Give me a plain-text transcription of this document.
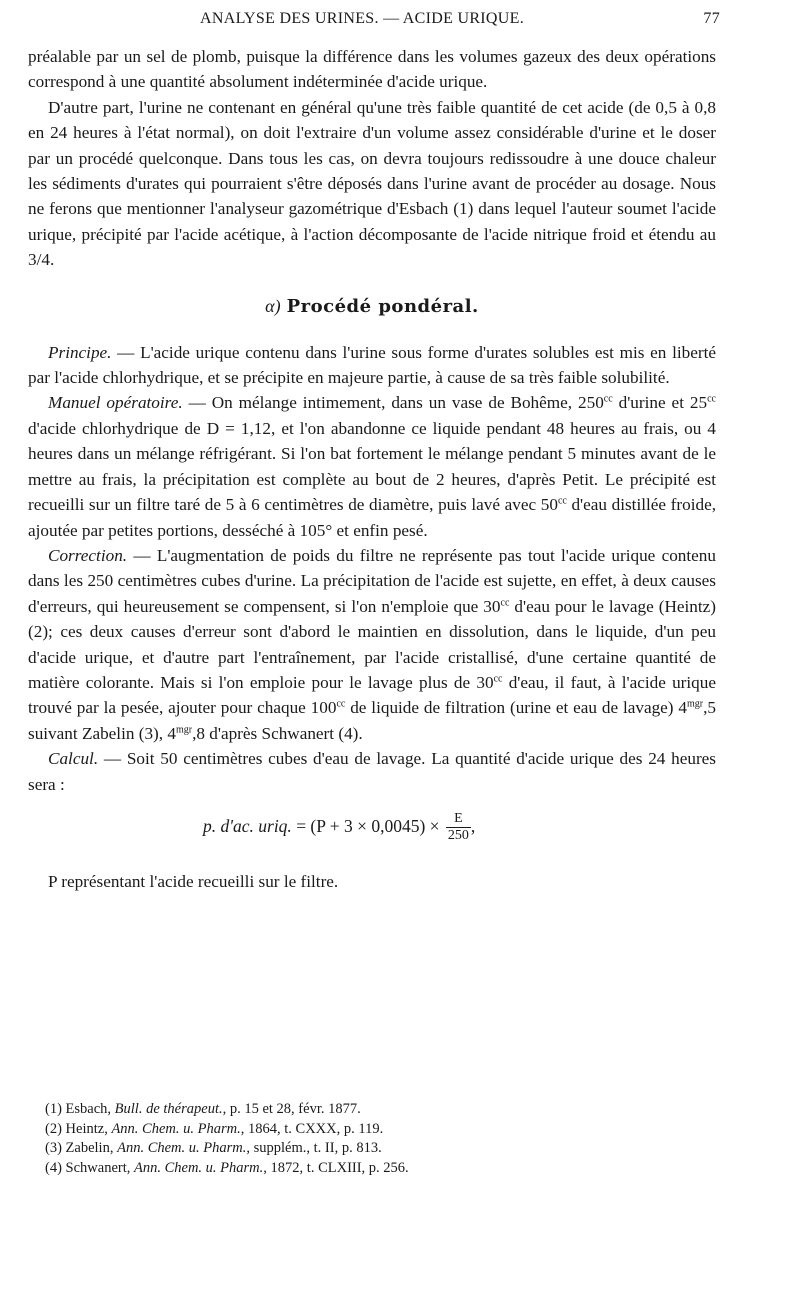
ANALYSE DES URINES. — ACIDE URIQUE.	77

préalable par un sel de plomb, puisque la différence dans les volumes gazeux des deux opérations correspond à une quantité absolument indéterminée d'acide urique.

D'autre part, l'urine ne contenant en général qu'une très faible quantité de cet acide (de 0,5 à 0,8 en 24 heures à l'état normal), on doit l'extraire d'un volume assez considérable d'urine et le doser par un procédé quelconque. Dans tous les cas, on devra toujours redissoudre à une douce chaleur les sédiments d'urates qui pourraient s'être déposés dans l'urine avant de procéder au dosage. Nous ne ferons que mentionner l'analyseur gazométrique d'Esbach (1) dans lequel l'auteur soumet l'acide urique, précipité par l'acide acétique, à l'action décomposante de l'acide nitrique froid et étendu au 3/4.

α) Procédé pondéral.

Principe. — L'acide urique contenu dans l'urine sous forme d'urates solubles est mis en liberté par l'acide chlorhydrique, et se précipite en majeure partie, à cause de sa très faible solubilité.

Manuel opératoire. — On mélange intimement, dans un vase de Bohême, $250^{cc}$ d'urine et $25^{cc}$ d'acide chlorhydrique de D = 1,12, et l'on abandonne ce liquide pendant 48 heures au frais, ou 4 heures dans un mélange réfrigérant. Si l'on bat fortement le mélange pendant 5 minutes avant de le mettre au frais, la précipitation est complète au bout de 2 heures, d'après Petit. Le précipité est recueilli sur un filtre taré de 5 à 6 centimètres de diamètre, puis lavé avec $50^{cc}$ d'eau distillée froide, ajoutée par petites portions, desséché à 105° et enfin pesé.

Correction. — L'augmentation de poids du filtre ne représente pas tout l'acide urique contenu dans les 250 centimètres cubes d'urine. La précipitation de l'acide est sujette, en effet, à deux causes d'erreurs, qui heureusement se compensent, si l'on n'emploie que $30^{cc}$ d'eau pour le lavage (Heintz) (2); ces deux causes d'erreur sont d'abord le maintien en dissolution, dans le liquide, d'un peu d'acide urique, et d'autre part l'entraînement, par l'acide cristallisé, d'une certaine quantité de matière colorante. Mais si l'on emploie pour le lavage plus de $30^{cc}$ d'eau, il faut, à l'acide urique trouvé par la pesée, ajouter pour chaque $100^{cc}$ de liquide de filtration (urine et eau de lavage) $4^{mgr},5$ suivant Zabelin (3), $4^{mgr},8$ d'après Schwanert (4).

Calcul. — Soit 50 centimètres cubes d'eau de lavage. La quantité d'acide urique des 24 heures sera :

p. d'ac. uriq. = $(P + 3 \times 0,0045) \times \frac{E}{250}$ ,

P représentant l'acide recueilli sur le filtre.

(1) Esbach, Bull. de thérapeut., p. 15 et 28, févr. 1877.
(2) Heintz, Ann. Chem. u. Pharm., 1864, t. CXXX, p. 119.
(3) Zabelin, Ann. Chem. u. Pharm., supplém., t. II, p. 813.
(4) Schwanert, Ann. Chem. u. Pharm., 1872, t. CLXIII, p. 256.
